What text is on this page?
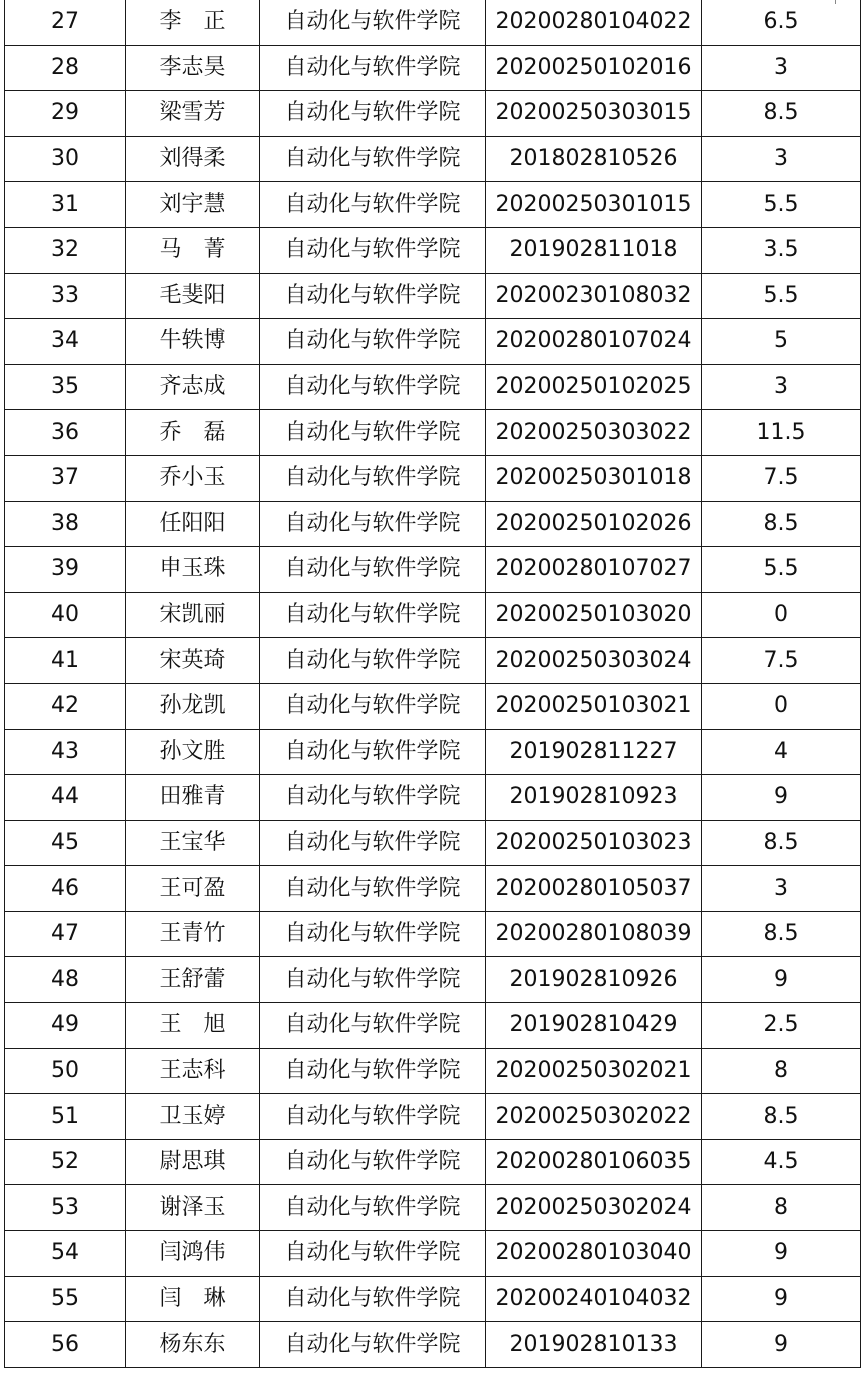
27	李　正	自动化与软件学院	20200280104022	6.5
28	李志昊	自动化与软件学院	20200250102016	3
29	梁雪芳	自动化与软件学院	20200250303015	8.5
30	刘得柔	自动化与软件学院	201802810526	3
31	刘宇慧	自动化与软件学院	20200250301015	5.5
32	马　菁	自动化与软件学院	201902811018	3.5
33	毛斐阳	自动化与软件学院	20200230108032	5.5
34	牛轶博	自动化与软件学院	20200280107024	5
35	齐志成	自动化与软件学院	20200250102025	3
36	乔　磊	自动化与软件学院	20200250303022	11.5
37	乔小玉	自动化与软件学院	20200250301018	7.5
38	任阳阳	自动化与软件学院	20200250102026	8.5
39	申玉珠	自动化与软件学院	20200280107027	5.5
40	宋凯丽	自动化与软件学院	20200250103020	0
41	宋英琦	自动化与软件学院	20200250303024	7.5
42	孙龙凯	自动化与软件学院	20200250103021	0
43	孙文胜	自动化与软件学院	201902811227	4
44	田雅青	自动化与软件学院	201902810923	9
45	王宝华	自动化与软件学院	20200250103023	8.5
46	王可盈	自动化与软件学院	20200280105037	3
47	王青竹	自动化与软件学院	20200280108039	8.5
48	王舒蕾	自动化与软件学院	201902810926	9
49	王　旭	自动化与软件学院	201902810429	2.5
50	王志科	自动化与软件学院	20200250302021	8
51	卫玉婷	自动化与软件学院	20200250302022	8.5
52	尉思琪	自动化与软件学院	20200280106035	4.5
53	谢泽玉	自动化与软件学院	20200250302024	8
54	闫鸿伟	自动化与软件学院	20200280103040	9
55	闫　琳	自动化与软件学院	20200240104032	9
56	杨东东	自动化与软件学院	201902810133	9
